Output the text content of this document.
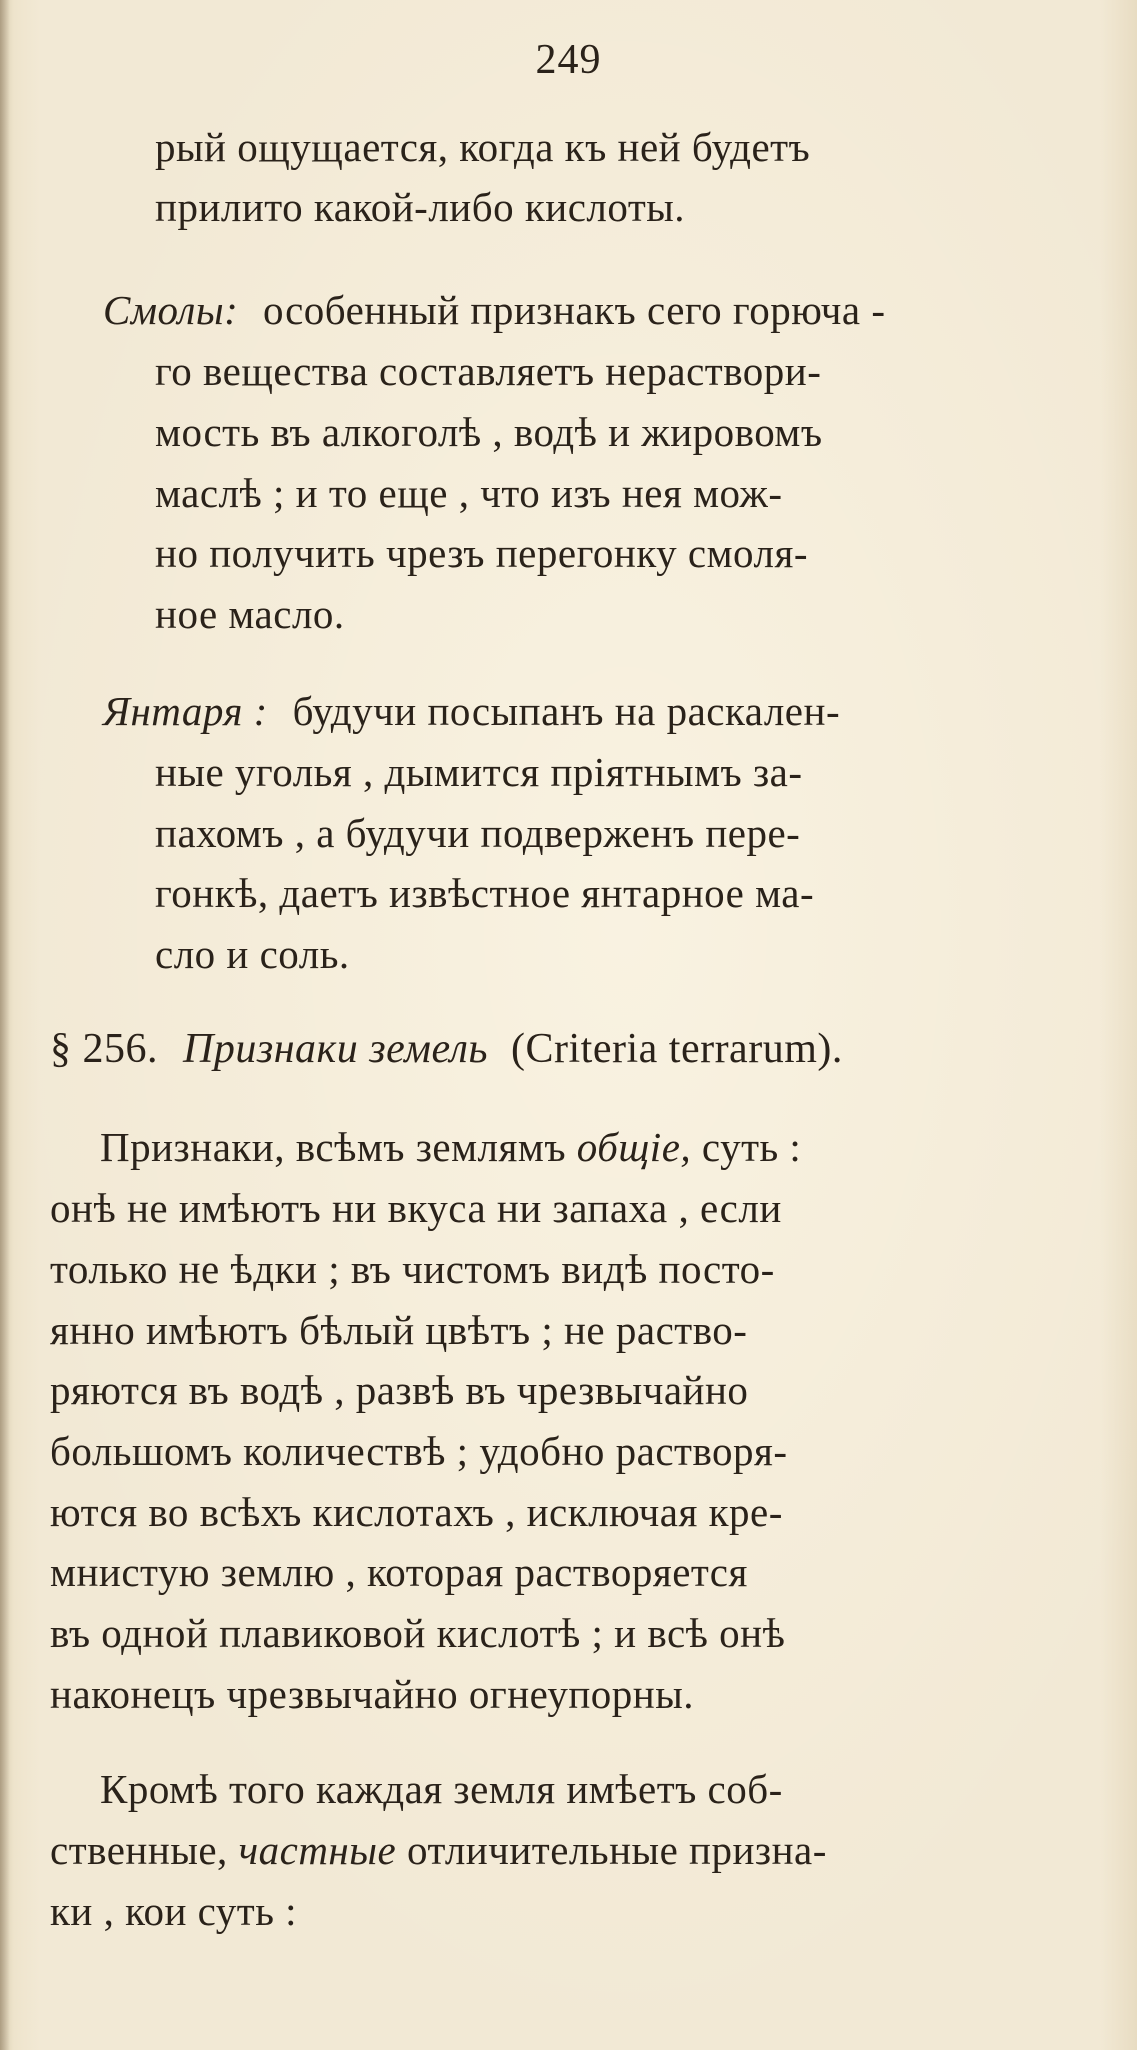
249
рый ощущается, когда къ ней будетъ
прилито какой-либо кислоты.
Смолы: особенный признакъ сего горюча -
го вещества составляетъ нераствори-
мость въ алкоголѣ , водѣ и жировомъ
маслѣ ; и то еще , что изъ нея мож-
но получить чрезъ перегонку смоля-
ное масло.
Янтаря : будучи посыпанъ на раскален-
ные уголья , дымится пріятнымъ за-
пахомъ , а будучи подверженъ пере-
гонкѣ, даетъ извѣстное янтарное ма-
сло и соль.
§ 256. Признаки земель (Criteria terrarum).
Признаки, всѣмъ землямъ общіе, суть :
онѣ не имѣютъ ни вкуса ни запаха , если
только не ѣдки ; въ чистомъ видѣ посто-
янно имѣютъ бѣлый цвѣтъ ; не раство-
ряются въ водѣ , развѣ въ чрезвычайно
большомъ количествѣ ; удобно растворя-
ются во всѣхъ кислотахъ , исключая кре-
мнистую землю , которая растворяется
въ одной плавиковой кислотѣ ; и всѣ онѣ
наконецъ чрезвычайно огнеупорны.
Кромѣ того каждая земля имѣетъ соб-
ственные, частные отличительные призна-
ки , кои суть :
